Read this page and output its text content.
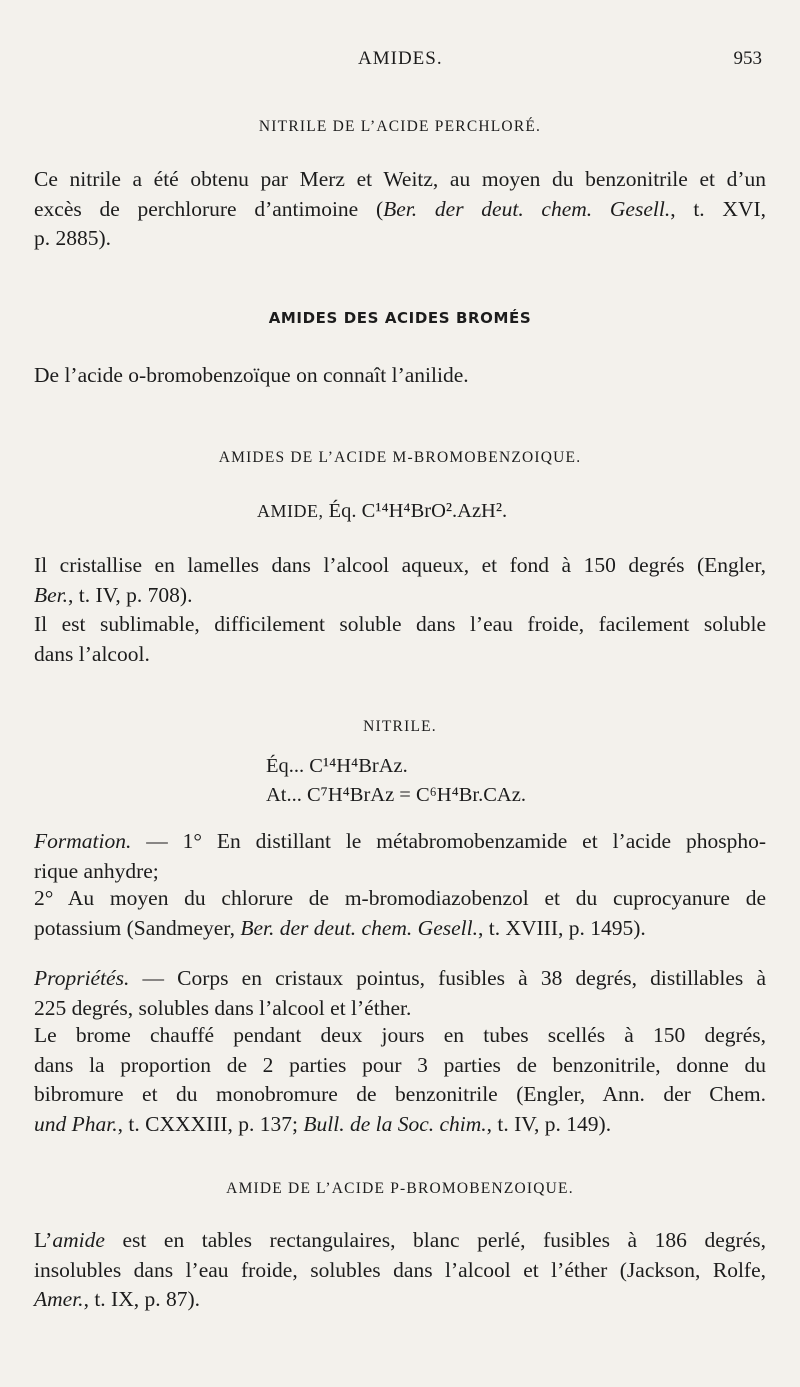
AMIDES.	953
NITRILE DE L’ACIDE PERCHLORÉ.
Ce nitrile a été obtenu par Merz et Weitz, au moyen du benzonitrile et d’un
excès de perchlorure d’antimoine (Ber. der deut. chem. Gesell., t. XVI,
p. 2885).
AMIDES DES ACIDES BROMÉS
De l’acide o-bromobenzoïque on connaît l’anilide.
AMIDES DE L’ACIDE M-BROMOBENZOIQUE.
AMIDE, Éq. C¹⁴H⁴BrO².AzH².
Il cristallise en lamelles dans l’alcool aqueux, et fond à 150 degrés (Engler,
Ber., t. IV, p. 708).
Il est sublimable, difficilement soluble dans l’eau froide, facilement soluble
dans l’alcool.
NITRILE.
Éq... C¹⁴H⁴BrAz.
At... C⁷H⁴BrAz = C⁶H⁴Br.CAz.
Formation. — 1° En distillant le métabromobenzamide et l’acide phospho-
rique anhydre;
2° Au moyen du chlorure de m-bromodiazobenzol et du cuprocyanure de
potassium (Sandmeyer, Ber. der deut. chem. Gesell., t. XVIII, p. 1495).
Propriétés. — Corps en cristaux pointus, fusibles à 38 degrés, distillables à
225 degrés, solubles dans l’alcool et l’éther.
Le brome chauffé pendant deux jours en tubes scellés à 150 degrés,
dans la proportion de 2 parties pour 3 parties de benzonitrile, donne du
bibromure et du monobromure de benzonitrile (Engler, Ann. der Chem.
und Phar., t. CXXXIII, p. 137; Bull. de la Soc. chim., t. IV, p. 149).
AMIDE DE L’ACIDE P-BROMOBENZOIQUE.
L’amide est en tables rectangulaires, blanc perlé, fusibles à 186 degrés,
insolubles dans l’eau froide, solubles dans l’alcool et l’éther (Jackson, Rolfe,
Amer., t. IX, p. 87).
